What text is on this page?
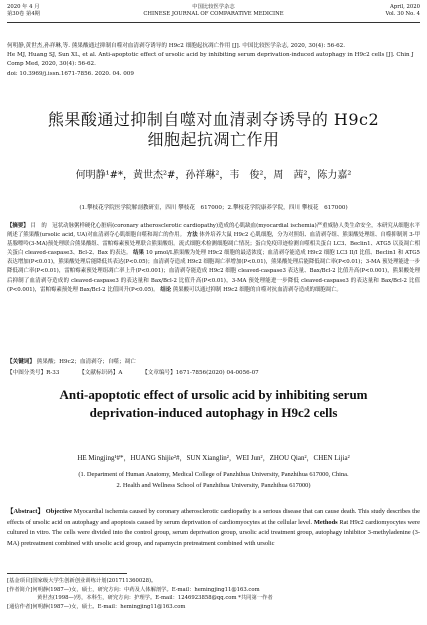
2020 年 4 月
第30卷 第4期
中国比较医学杂志
CHINESE JOURNAL OF COMPARATIVE MEDICINE
April, 2020
Vol. 30 No. 4
何明静,黄世杰,孙祥琳,等. 熊果酸通过抑制自噬对血清剥夺诱导的 H9c2 细胞起抗凋亡作用 [J]. 中国比较医学杂志, 2020, 30(4): 56-62.
He MJ, Huang SJ, Sun XL, et al. Anti-apoptotic effect of ursolic acid by inhibiting serum deprivation-induced autophagy in H9c2 cells [J]. Chin J Comp Med, 2020, 30(4): 56-62.
doi: 10.3969/j.issn.1671-7856. 2020. 04. 009
熊果酸通过抑制自噬对血清剥夺诱导的 H9c2 细胞起抗凋亡作用
何明静¹#*，黄世杰²#，孙祥琳²，韦　俊²，周　茜²，陈力嘉²
(1.攀枝花学院医学院解剖教研室，四川 攀枝花　617000；2.攀枝花学院康养学院，四川 攀枝花　617000)
【摘要】 目　的　冠状动脉粥样硬化心脏病(coronary atherosclerotic cardiopathy)造成的心肌缺血(myocardial ischemia)严重威胁人类生命安全，本研究从细胞水平阐述了熊果酸(ursolic acid, UA)对血清剥夺心肌细胞自噬和凋亡的作用。 方法 体外培养大鼠 H9c2 心肌细胞，分为对照组、血清剥夺组、熊果酸处理组、自噬抑制剂 3-甲基腺嘌呤(3-MA)预处理联合熊果酸组、雷帕霉素预处理联合熊果酸组。流式细胞术检测细胞凋亡情况；蛋白免疫印迹检测自噬相关蛋白 LC3、Beclin1、ATG5 以及凋亡相关蛋白 cleaved-caspase3、Bcl-2、Bax 的表达。 结果 10 μmol/L熊果酸为处理 H9c2 细胞的最适浓度；血清剥夺能造成 H9c2 细胞 LC3 II/I 比值、Beclin1 和 ATG5 表达增加(P<0.01)，熊果酸处理后能降低其表达(P<0.05)；血清剥夺造成 H9c2 细胞凋亡率增加(P<0.01)，熊果酸处理后能降低凋亡率(P<0.01)；3-MA 预处理能进一步降低凋亡率(P<0.01)，雷帕霉素预处理组凋亡率上升(P<0.001)；血清剥夺能造成 H9c2 细胞 cleaved-caspase3 表达量、Bax/Bcl-2 比值升高(P<0.001)，熊果酸处理后抑制了血清剥夺造成的 cleaved-caspase3 的表达量和 Bax/Bcl-2 比值升高(P<0.01)，3-MA 预处理能进一步降低 cleaved-caspase3 的表达量和 Bax/Bcl-2 比值(P<0.001)，雷帕霉素预处理 Bax/Bcl-2 比值回升(P<0.05)。 结论 熊果酸可以通过抑制 H9c2 细胞的自噬对抗血清剥夺造成的细胞凋亡。
【关键词】 熊果酸；H9c2；血清剥夺；自噬；凋亡
【中图分类号】R-33	【文献标识码】A	【文章编号】1671-7856(2020) 04-0056-07
Anti-apoptotic effect of ursolic acid by inhibiting serum deprivation-induced autophagy in H9c2 cells
HE Mingjing¹#*，HUANG Shijie²#，SUN Xianglin²，WEI Jun²，ZHOU Qian²，CHEN Lijia²
(1. Department of Human Anatomy, Medical College of Panzhihua University, Panzhihua 617000, China.
2. Health and Wellness School of Panzhihua University, Panzhihua 617000)
【Abstract】 Objective Myocardial ischemia caused by coronary atherosclerotic cardiopathy is a serious disease that can cause death. This study describes the effects of ursolic acid on autophagy and apoptosis caused by serum deprivation of cardiomyocytes at the cellular level. Methods Rat H9c2 cardiomyocytes were cultured in vitro. The cells were divided into the control group, serum deprivation group, ursolic acid treatment group, autophagy inhibitor 3-methyladenine (3-MA) pretreatment combined with ursolic acid group, and rapamycin pretreatment combined with ursolic
[基金项目]国家级大学生创新创业训练计划(201711360028)。
[作者简介]何明静(1987—)女，硕士，研究方向：中药及人体解剖学。E-mail：hemingjing11@163.com
黄世杰(1998—)男，本科生，研究方向：护理学。E-mail：1246923858@qq.com *共同第一作者
[通信作者]何明静(1987—)女，硕士。E-mail：hemingjing11@163.com
